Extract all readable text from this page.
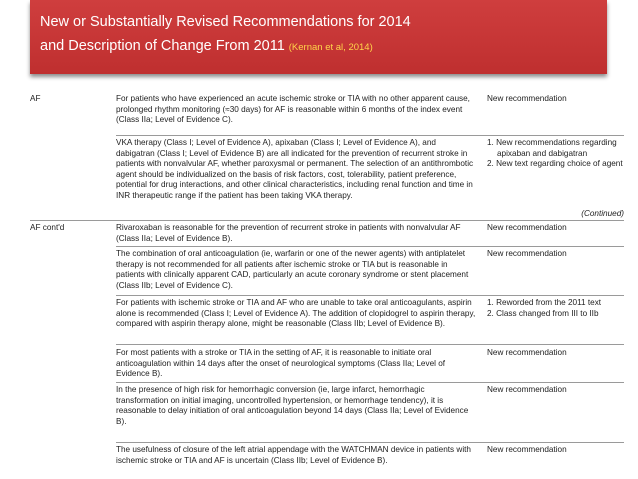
New or Substantially Revised Recommendations for 2014
and Description of Change From 2011 (Kernan et al, 2014)
AF	For patients who have experienced an acute ischemic stroke or TIA with no other apparent cause, prolonged rhythm monitoring (≈30 days) for AF is reasonable within 6 months of the index event (Class IIa; Level of Evidence C).
New recommendation
VKA therapy (Class I; Level of Evidence A), apixaban (Class I; Level of Evidence A), and dabigatran (Class I; Level of Evidence B) are all indicated for the prevention of recurrent stroke in patients with nonvalvular AF, whether paroxysmal or permanent. The selection of an antithrombotic agent should be individualized on the basis of risk factors, cost, tolerability, patient preference, potential for drug interactions, and other clinical characteristics, including renal function and time in INR therapeutic range if the patient has been taking VKA therapy.
1. New recommendations regarding apixaban and dabigatran
2. New text regarding choice of agent
(Continued)
AF cont'd	Rivaroxaban is reasonable for the prevention of recurrent stroke in patients with nonvalvular AF (Class IIa; Level of Evidence B).
New recommendation
The combination of oral anticoagulation (ie, warfarin or one of the newer agents) with antiplatelet therapy is not recommended for all patients after ischemic stroke or TIA but is reasonable in patients with clinically apparent CAD, particularly an acute coronary syndrome or stent placement (Class IIb; Level of Evidence C).
New recommendation
For patients with ischemic stroke or TIA and AF who are unable to take oral anticoagulants, aspirin alone is recommended (Class I; Level of Evidence A). The addition of clopidogrel to aspirin therapy, compared with aspirin therapy alone, might be reasonable (Class IIb; Level of Evidence B).
1. Reworded from the 2011 text
2. Class changed from III to IIb
For most patients with a stroke or TIA in the setting of AF, it is reasonable to initiate oral anticoagulation within 14 days after the onset of neurological symptoms (Class IIa; Level of Evidence B).
New recommendation
In the presence of high risk for hemorrhagic conversion (ie, large infarct, hemorrhagic transformation on initial imaging, uncontrolled hypertension, or hemorrhage tendency), it is reasonable to delay initiation of oral anticoagulation beyond 14 days (Class IIa; Level of Evidence B).
New recommendation
The usefulness of closure of the left atrial appendage with the WATCHMAN device in patients with ischemic stroke or TIA and AF is uncertain (Class IIb; Level of Evidence B).
New recommendation
